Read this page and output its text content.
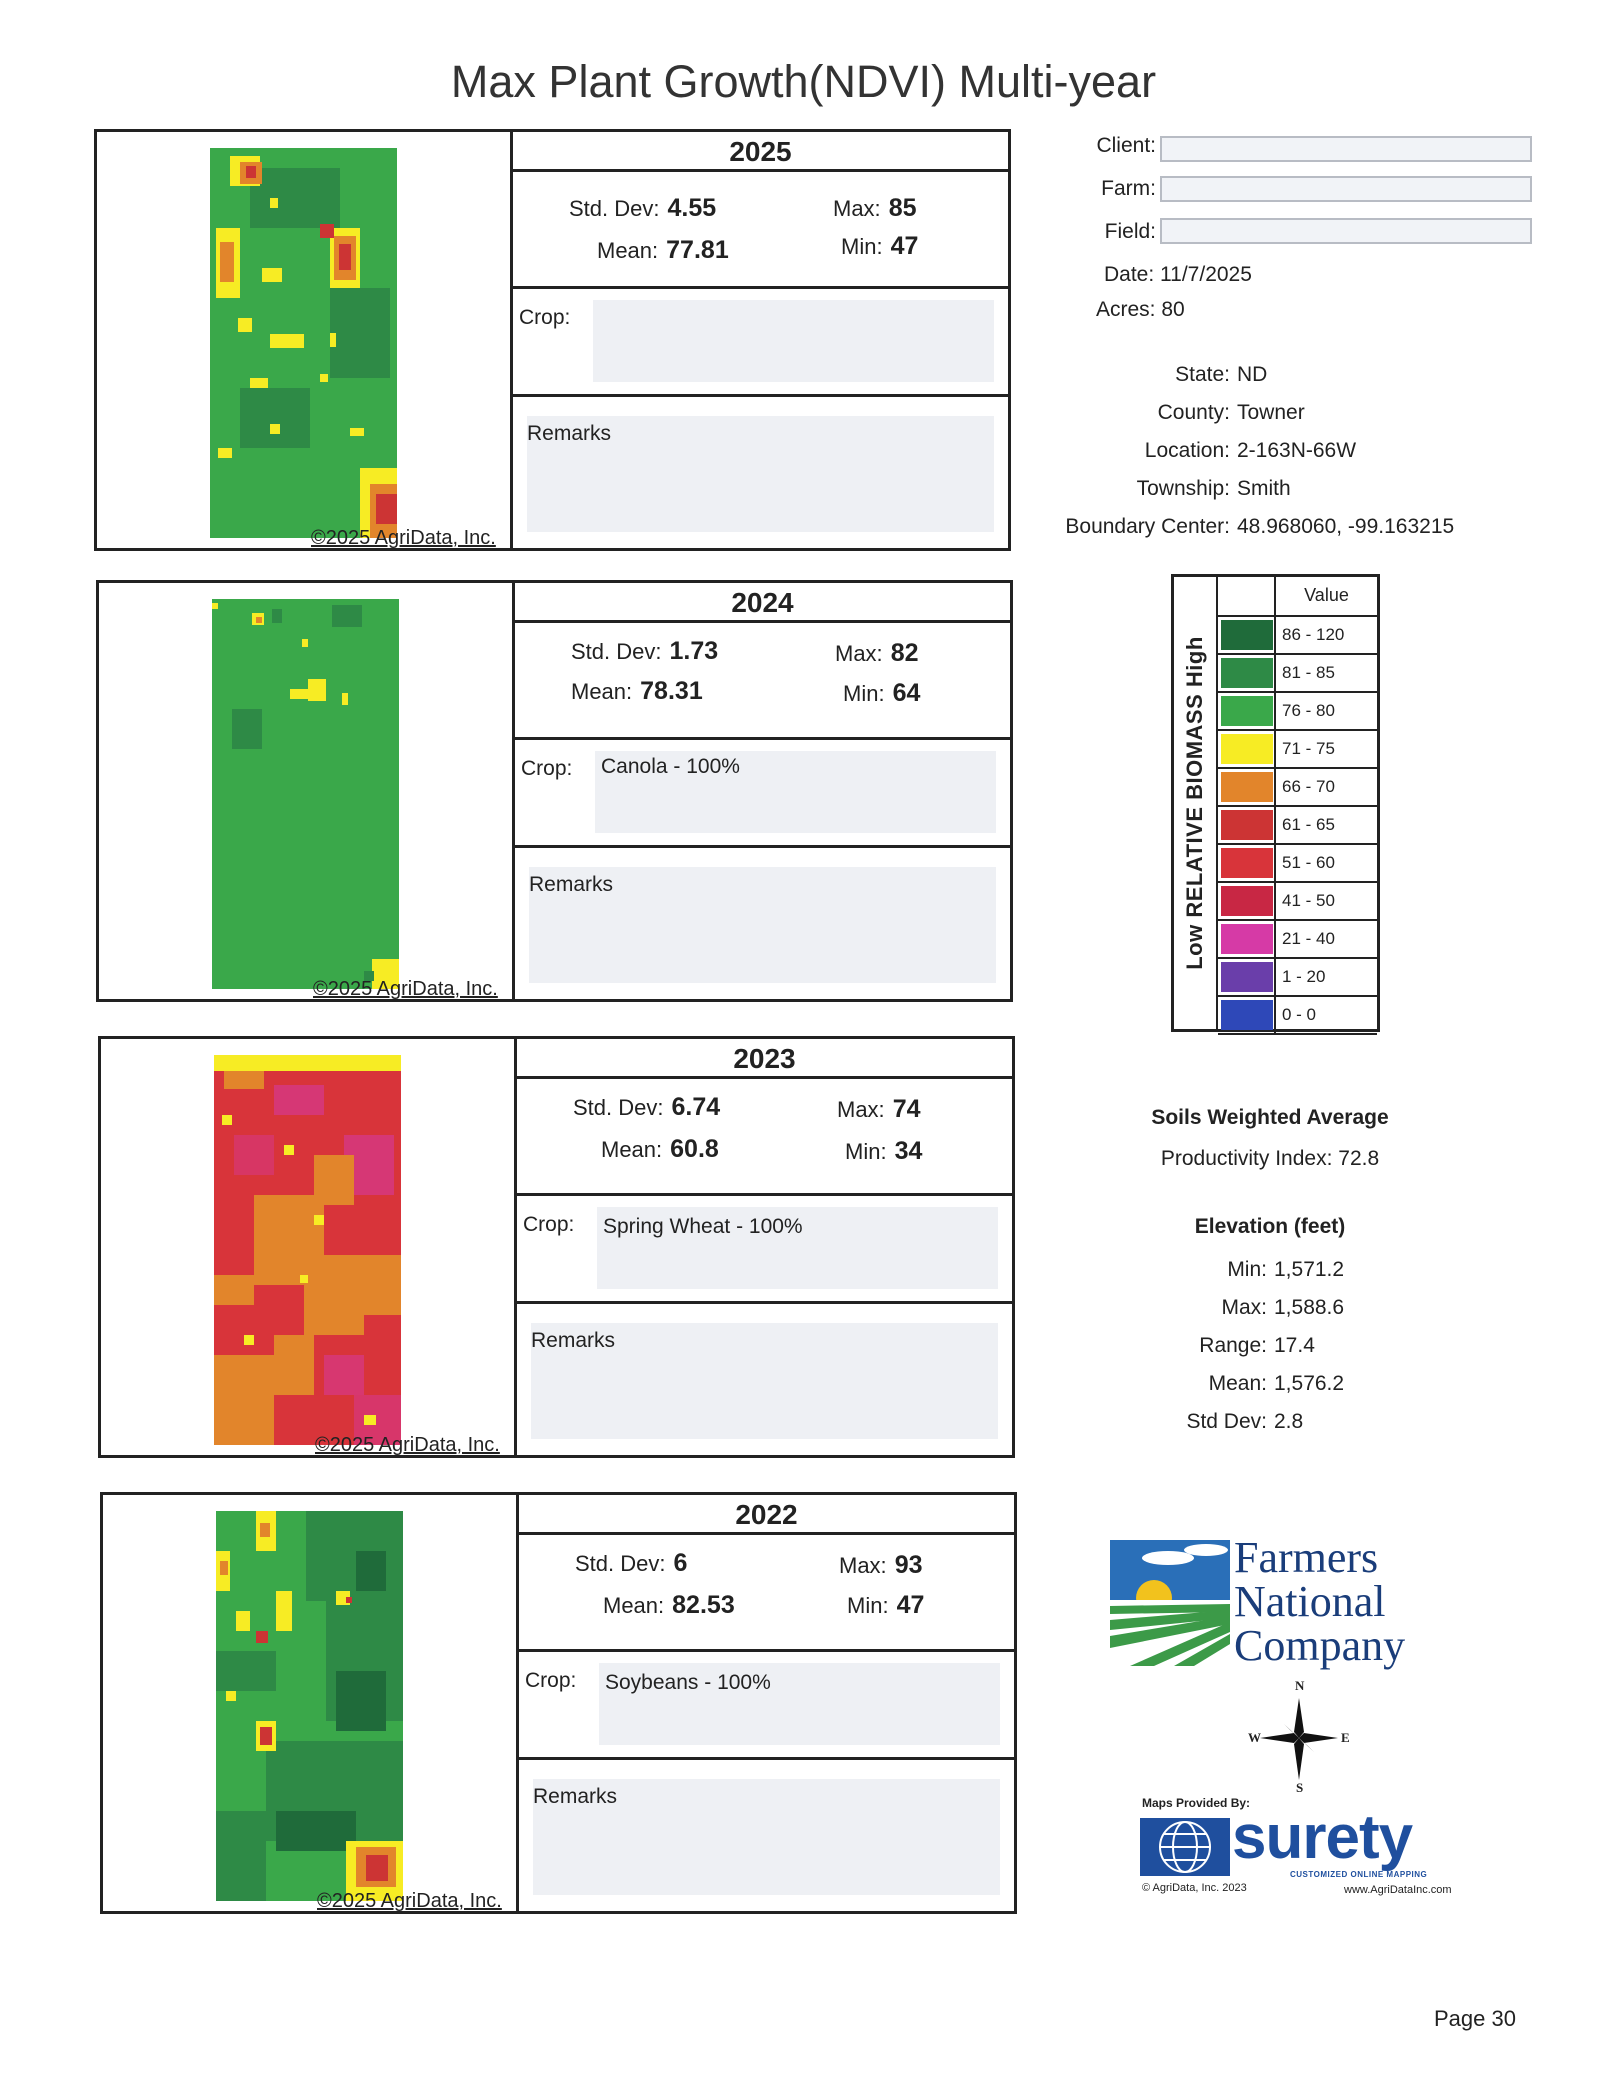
Max Plant Growth(NDVI) Multi-year
©2025 AgriData, Inc.
2025
Std. Dev: 4.55
Mean: 77.81
Max: 85
Min: 47
Crop:
Remarks
©2025 AgriData, Inc.
2024
Std. Dev: 1.73
Mean: 78.31
Max: 82
Min: 64
Crop: Canola - 100%
Remarks
©2025 AgriData, Inc.
2023
Std. Dev: 6.74
Mean: 60.8
Max: 74
Min: 34
Crop: Spring Wheat - 100%
Remarks
©2025 AgriData, Inc.
2022
Std. Dev: 6
Mean: 82.53
Max: 93
Min: 47
Crop: Soybeans - 100%
Remarks
Client:
Farm:
Field:
Date: 11/7/2025
Acres: 80
State: ND
County: Towner
Location: 2-163N-66W
Township: Smith
Boundary Center: 48.968060, -99.163215
Low RELATIVE BIOMASS High
Value
86 - 120
81 - 85
76 - 80
71 - 75
66 - 70
61 - 65
51 - 60
41 - 50
21 - 40
1 - 20
0 - 0
Soils Weighted Average
Productivity Index: 72.8
Elevation (feet)
Min: 1,571.2
Max: 1,588.6
Range: 17.4
Mean: 1,576.2
Std Dev: 2.8
Farmers
National
Company
N
S
W	E
Maps Provided By:
surety
CUSTOMIZED ONLINE MAPPING
© AgriData, Inc. 2023	www.AgriDataInc.com
Page 30
